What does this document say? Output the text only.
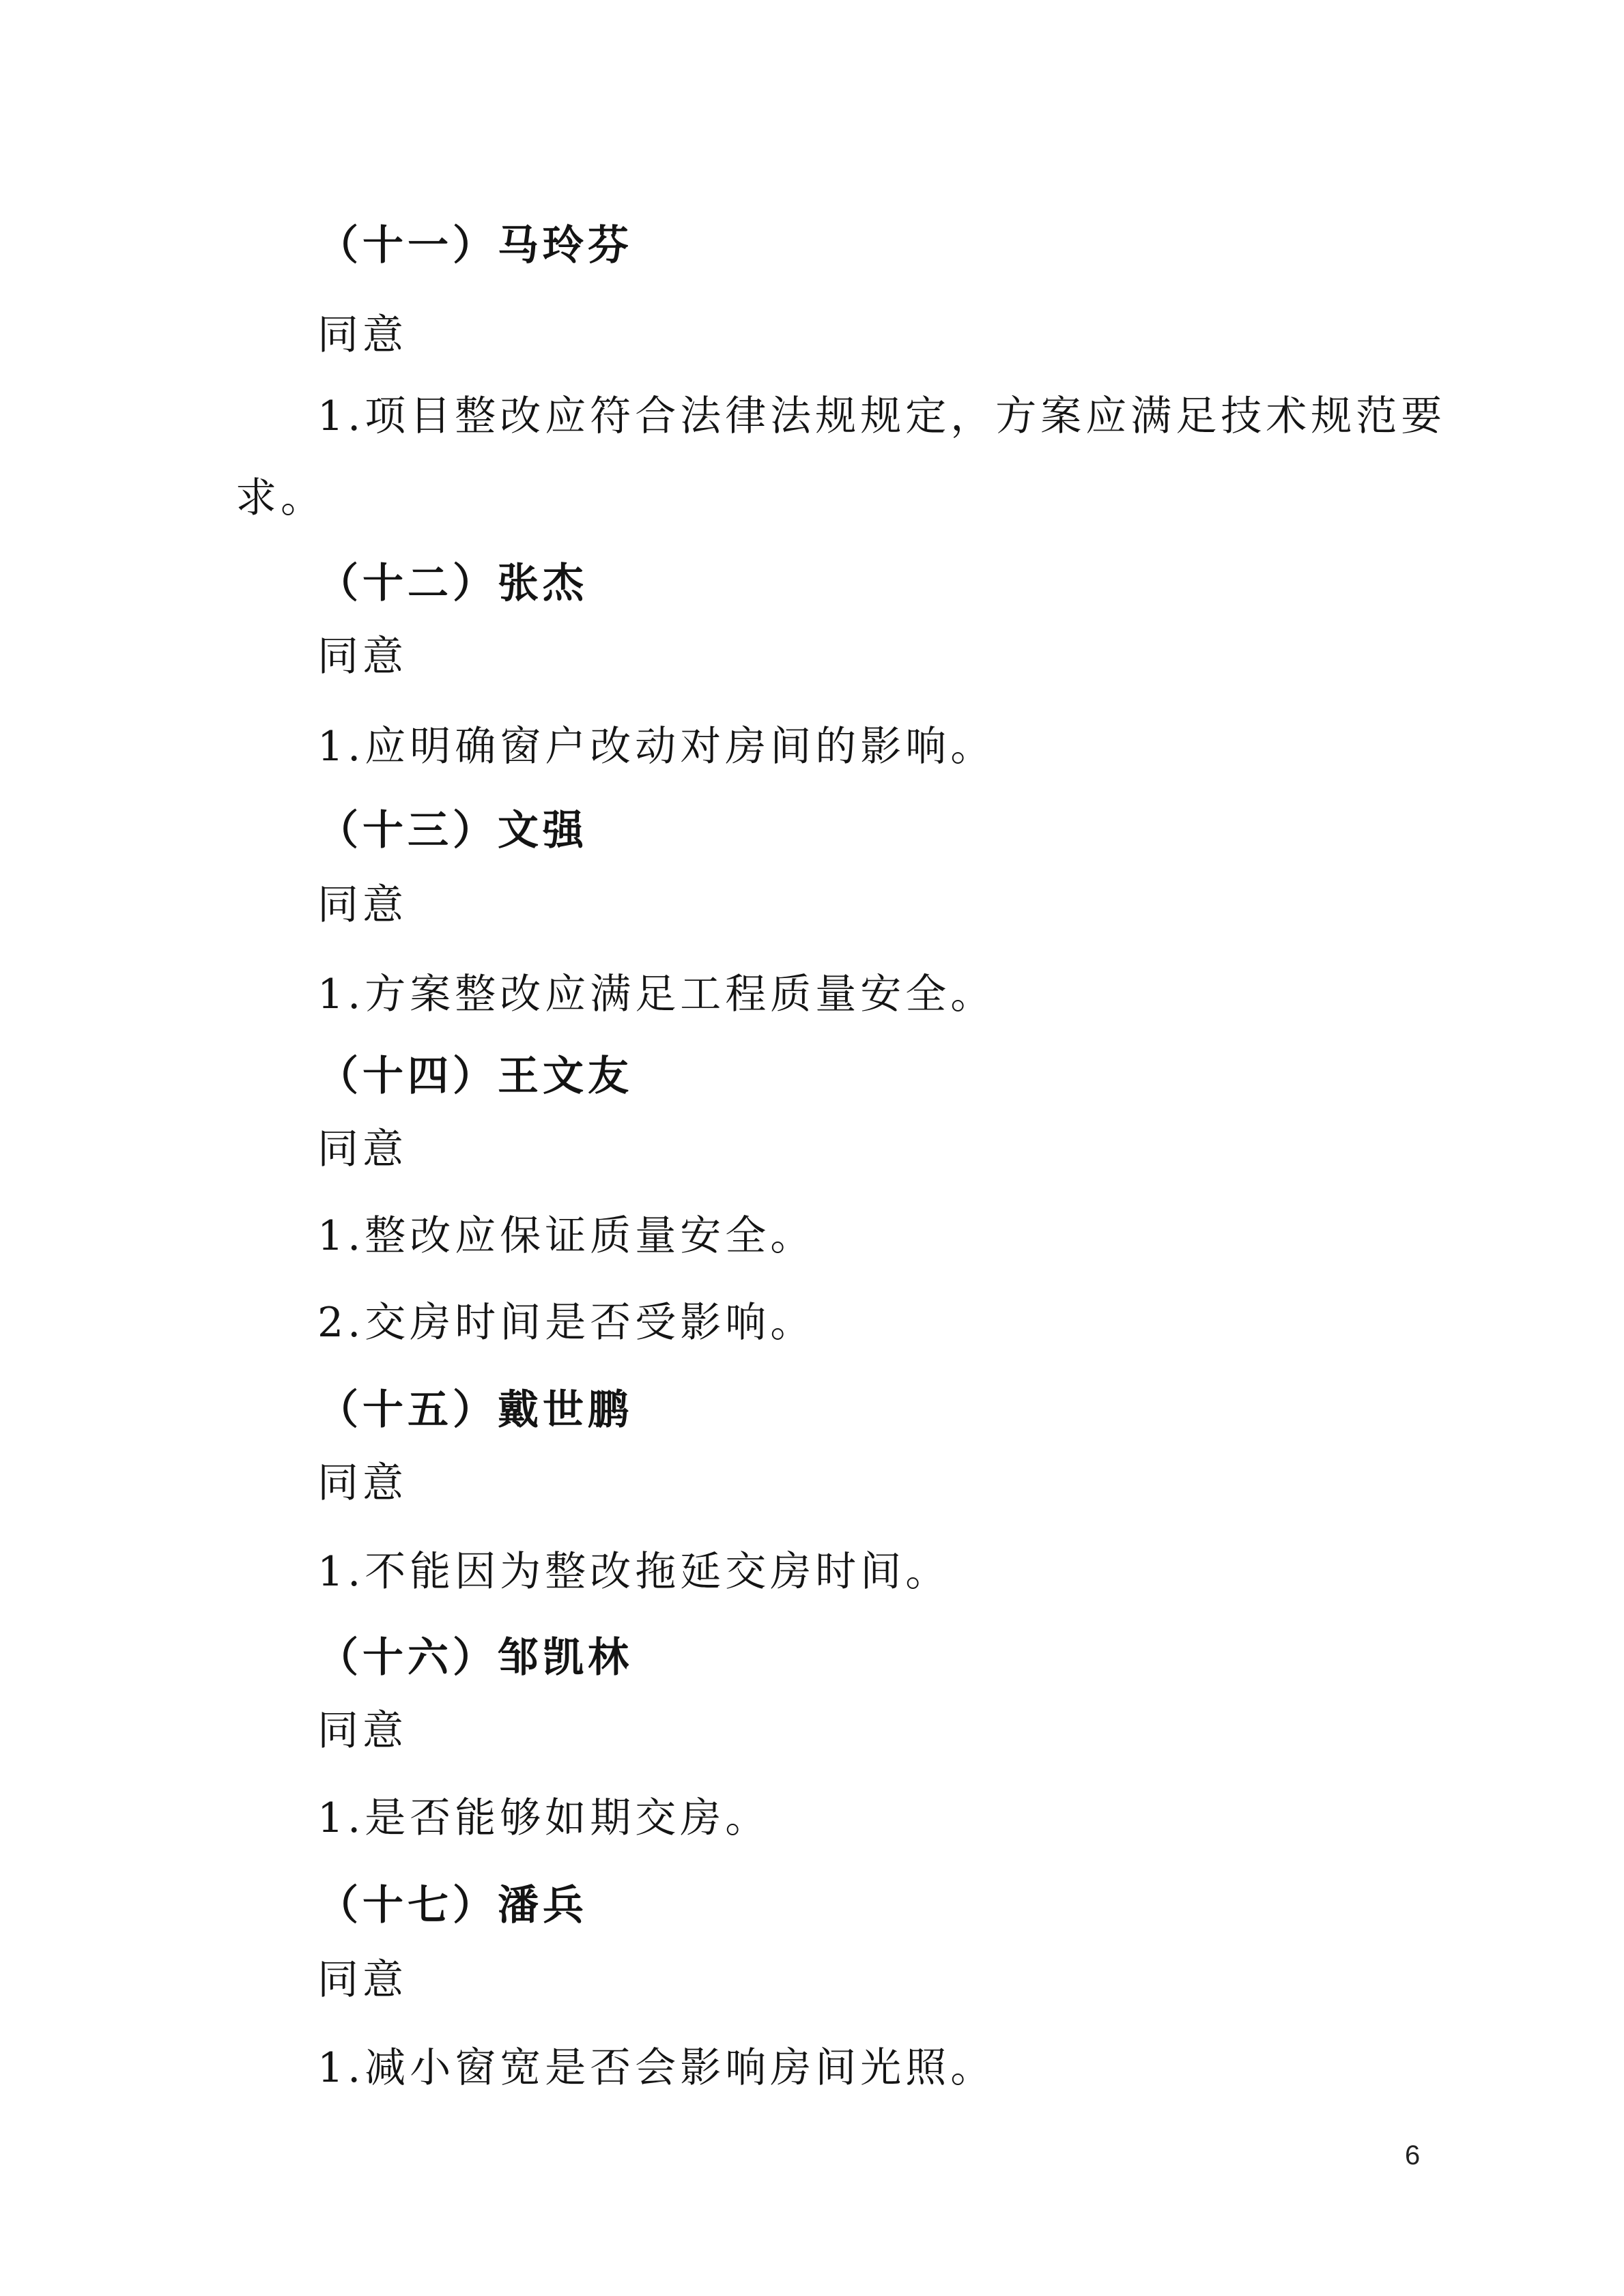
（十一）马玲芬
同意
1.项目整改应符合法律法规规定，方案应满足技术规范要
求。
（十二）张杰
同意
1.应明确窗户改动对房间的影响。
（十三）文强
同意
1.方案整改应满足工程质量安全。
（十四）王文友
同意
1.整改应保证质量安全。
2.交房时间是否受影响。
（十五）戴世鹏
同意
1.不能因为整改拖延交房时间。
（十六）邹凯林
同意
1.是否能够如期交房。
（十七）潘兵
同意
1.减小窗宽是否会影响房间光照。
6
